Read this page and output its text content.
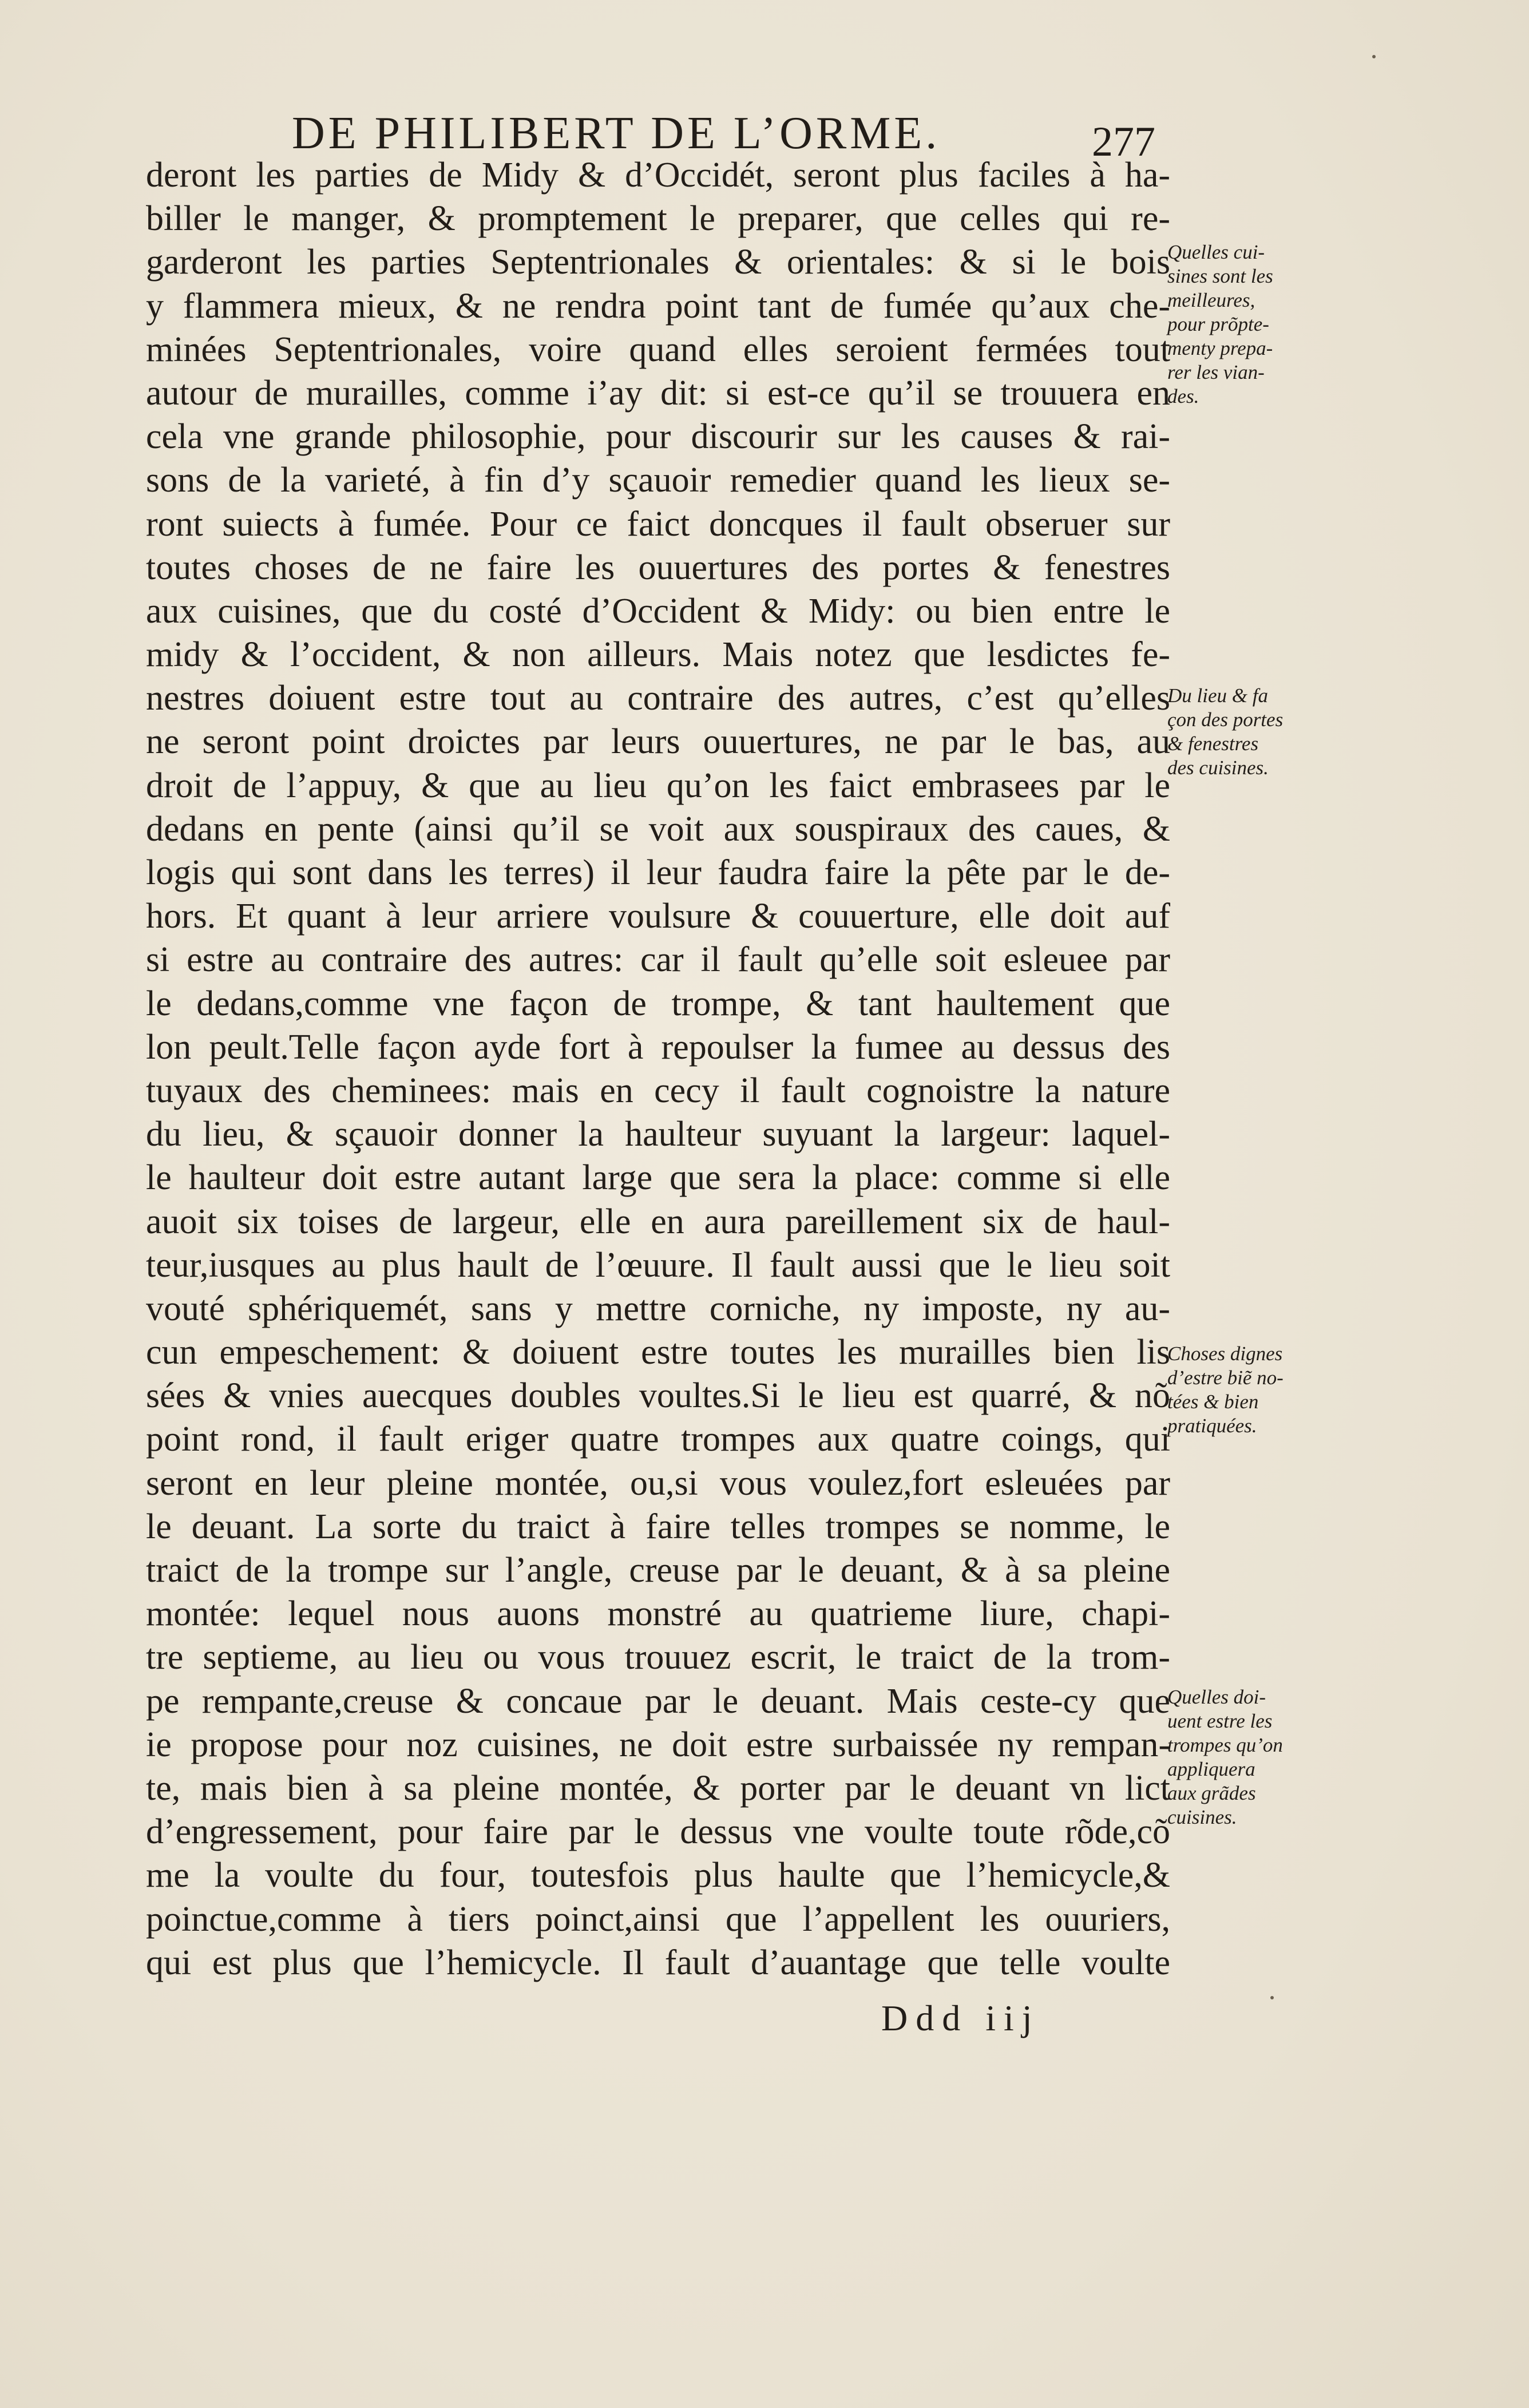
DE PHILIBERT DE L’ORME.	277
deront les parties de Midy & d’Occidét, seront plus faciles à ha-
biller le manger, & promptement le preparer, que celles qui re-
garderont les parties Septentrionales & orientales: & si le bois
y flammera mieux, & ne rendra point tant de fumée qu’aux che-
minées Septentrionales, voire quand elles seroient fermées tout
autour de murailles, comme i’ay dit: si est-ce qu’il se trouuera en
cela vne grande philosophie, pour discourir sur les causes & rai-
sons de la varieté, à fin d’y sçauoir remedier quand les lieux se-
ront suiects à fumée. Pour ce faict doncques il fault obseruer sur
toutes choses de ne faire les ouuertures des portes & fenestres
aux cuisines, que du costé d’Occident & Midy: ou bien entre le
midy & l’occident, & non ailleurs. Mais notez que lesdictes fe-
nestres doiuent estre tout au contraire des autres, c’est qu’elles
ne seront point droictes par leurs ouuertures, ne par le bas, au
droit de l’appuy, & que au lieu qu’on les faict embrasees par le
dedans en pente (ainsi qu’il se voit aux souspiraux des caues, &
logis qui sont dans les terres) il leur faudra faire la pête par le de-
hors. Et quant à leur arriere voulsure & couuerture, elle doit auf
si estre au contraire des autres: car il fault qu’elle soit esleuee par
le dedans,comme vne façon de trompe, & tant haultement que
lon peult.Telle façon ayde fort à repoulser la fumee au dessus des
tuyaux des cheminees: mais en cecy il fault cognoistre la nature
du lieu, & sçauoir donner la haulteur suyuant la largeur: laquel-
le haulteur doit estre autant large que sera la place: comme si elle
auoit six toises de largeur, elle en aura pareillement six de haul-
teur,iusques au plus hault de l’œuure. Il fault aussi que le lieu soit
vouté sphériquemét, sans y mettre corniche, ny imposte, ny au-
cun empeschement: & doiuent estre toutes les murailles bien lis
sées & vnies auecques doubles voultes.Si le lieu est quarré, & nõ
point rond, il fault eriger quatre trompes aux quatre coings, qui
seront en leur pleine montée, ou,si vous voulez,fort esleuées par
le deuant. La sorte du traict à faire telles trompes se nomme, le
traict de la trompe sur l’angle, creuse par le deuant, & à sa pleine
montée: lequel nous auons monstré au quatrieme liure, chapi-
tre septieme, au lieu ou vous trouuez escrit, le traict de la trom-
pe rempante,creuse & concaue par le deuant. Mais ceste-cy que
ie propose pour noz cuisines, ne doit estre surbaissée ny rempan-
te, mais bien à sa pleine montée, & porter par le deuant vn lict
d’engressement, pour faire par le dessus vne voulte toute rõde,cõ
me la voulte du four, toutesfois plus haulte que l’hemicycle,&
poinctue,comme à tiers poinct,ainsi que l’appellent les ouuriers,
qui est plus que l’hemicycle. Il fault d’auantage que telle voulte
Quelles cui-
sines sont les
meilleures,
pour prõpte-
menty prepa-
rer les vian-
des.
Du lieu & fa
çon des portes
& fenestres
des cuisines.
Choses dignes
d’estre biẽ no-
tées & bien
pratiquées.
Quelles doi-
uent estre les
trompes qu’on
appliquera
aux grãdes
cuisines.
Ddd iij
